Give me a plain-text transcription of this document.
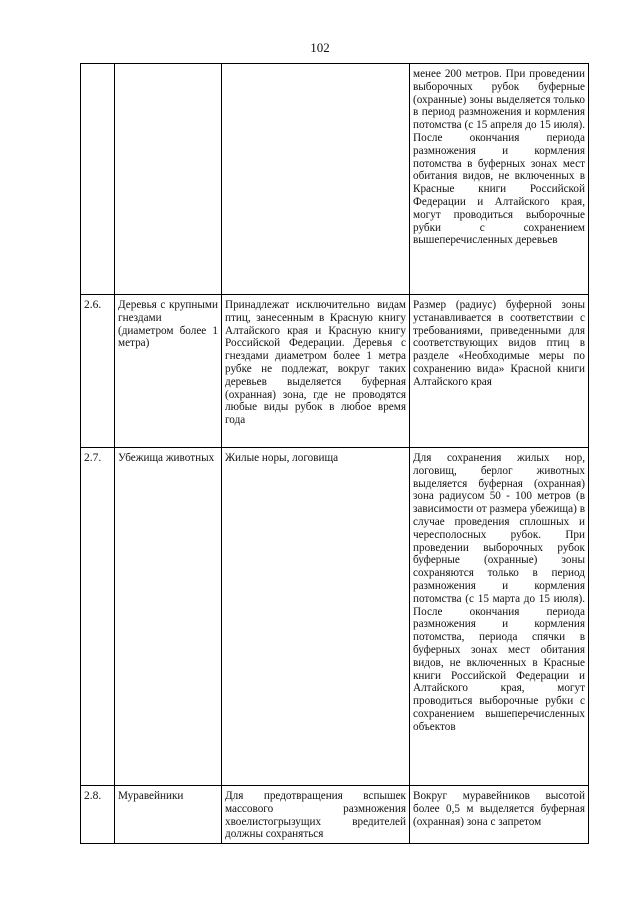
102
			менее 200 метров. При проведении выборочных рубок буферные (охранные) зоны выделяется только в период размножения и кормления потомства (с 15 апреля до 15 июля). После окончания периода размножения и кормления потомства в буферных зонах мест обитания видов, не включенных в Красные книги Российской Федерации и Алтайского края, могут проводиться выборочные рубки с сохранением вышеперечисленных деревьев
2.6.	Деревья с крупными гнездами (диаметром более 1 метра)	Принадлежат исключительно видам птиц, занесенным в Красную книгу Алтайского края и Красную книгу Российской Федерации. Деревья с гнездами диаметром более 1 метра рубке не подлежат, вокруг таких деревьев выделяется буферная (охранная) зона, где не проводятся любые виды рубок в любое время года	Размер (радиус) буферной зоны устанавливается в соответствии с требованиями, приведенными для соответствующих видов птиц в разделе «Необходимые меры по сохранению вида» Красной книги Алтайского края
2.7.	Убежища животных	Жилые норы, логовища	Для сохранения жилых нор, логовищ, берлог животных выделяется буферная (охранная) зона радиусом 50 - 100 метров (в зависимости от размера убежища) в случае проведения сплошных и чересполосных рубок. При проведении выборочных рубок буферные (охранные) зоны сохраняются только в период размножения и кормления потомства (с 15 марта до 15 июля). После окончания периода размножения и кормления потомства, периода спячки в буферных зонах мест обитания видов, не включенных в Красные книги Российской Федерации и Алтайского края, могут проводиться выборочные рубки с сохранением вышеперечисленных объектов
2.8.	Муравейники	Для предотвращения вспышек массового размножения хвоелистогрызущих вредителей должны сохраняться	Вокруг муравейников высотой более 0,5 м выделяется буферная (охранная) зона с запретом
